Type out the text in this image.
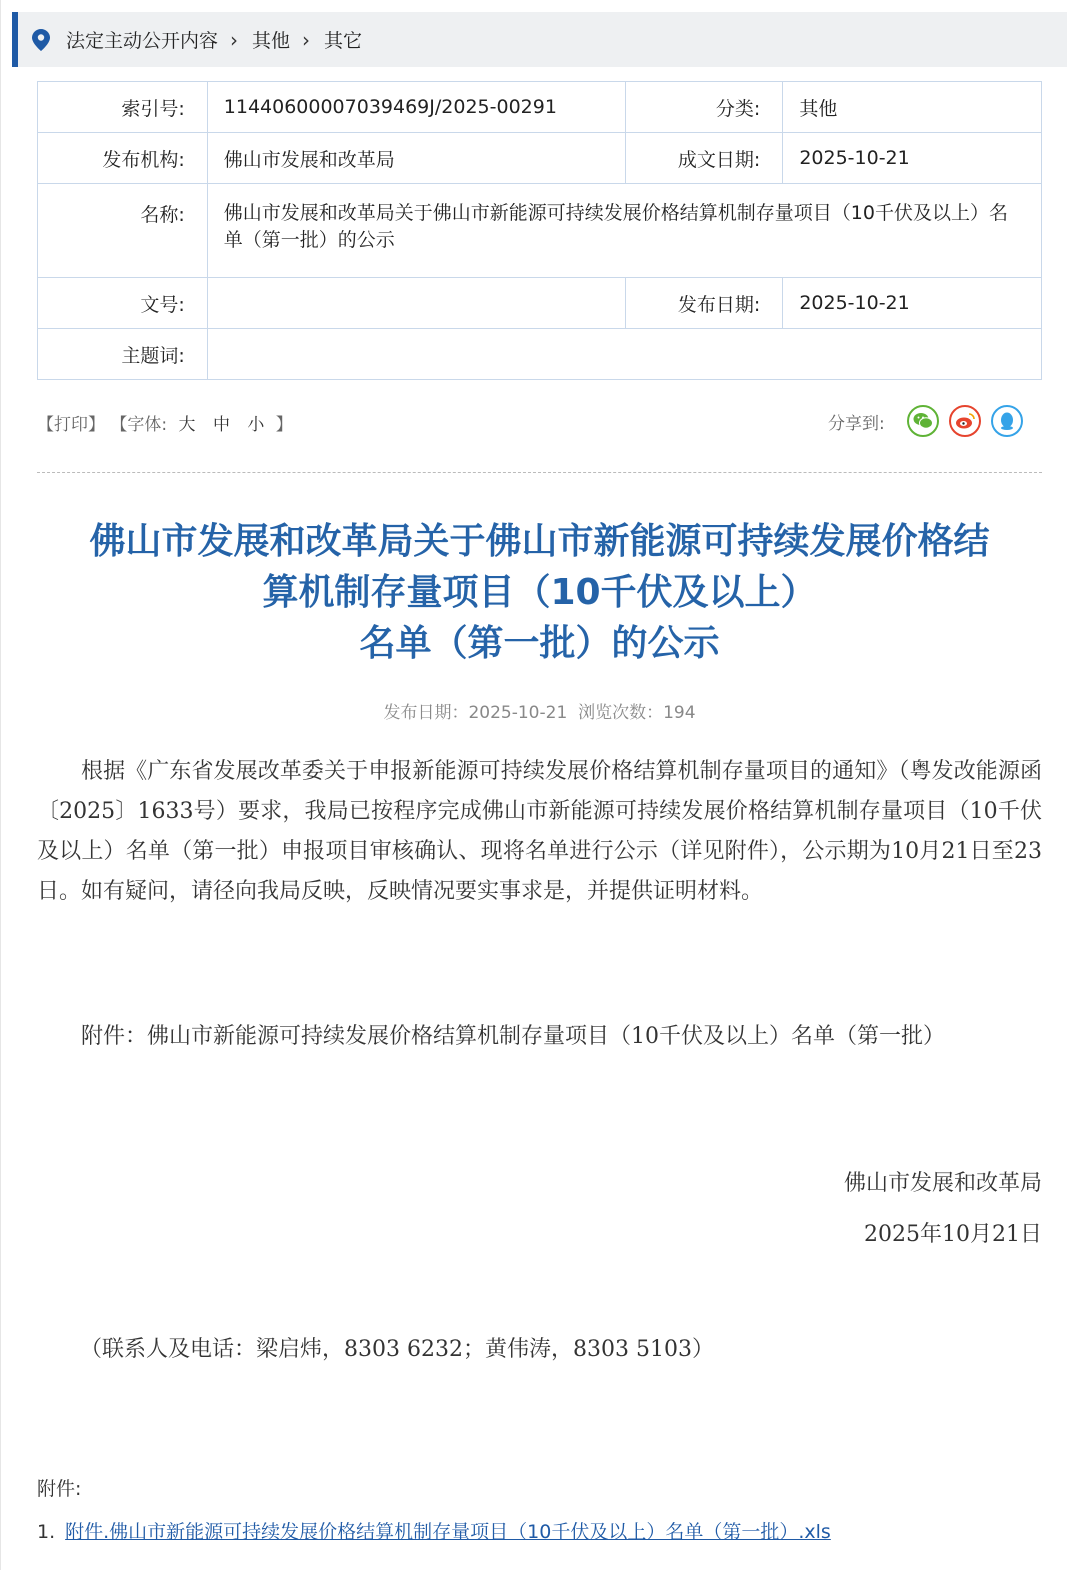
法定主动公开内容 › 其他 › 其它
索引号:	11440600007039469J/2025-00291	分类:	其他
发布机构:	佛山市发展和改革局	成文日期:	2025-10-21
名称:	佛山市发展和改革局关于佛山市新能源可持续发展价格结算机制存量项目（10千伏及以上）名单（第一批）的公示		
文号:		发布日期:	2025-10-21
主题词:			
【打印】 【字体: 大 中 小 】	分享到:
佛山市发展和改革局关于佛山市新能源可持续发展价格结
算机制存量项目（10千伏及以上）
名单（第一批）的公示
发布日期：2025-10-21  浏览次数：194
根据《广东省发展改革委关于申报新能源可持续发展价格结算机制存量项目的通知》（粤发改能源函〔2025〕1633号）要求，我局已按程序完成佛山市新能源可持续发展价格结算机制存量项目（10千伏及以上）名单（第一批）申报项目审核确认、现将名单进行公示（详见附件），公示期为10月21日至23日。如有疑问，请径向我局反映，反映情况要实事求是，并提供证明材料。
附件：佛山市新能源可持续发展价格结算机制存量项目（10千伏及以上）名单（第一批）
佛山市发展和改革局
2025年10月21日
（联系人及电话：梁启炜，8303 6232；黄伟涛，8303 5103）
附件:
1. 附件.佛山市新能源可持续发展价格结算机制存量项目（10千伏及以上）名单（第一批）.xls
